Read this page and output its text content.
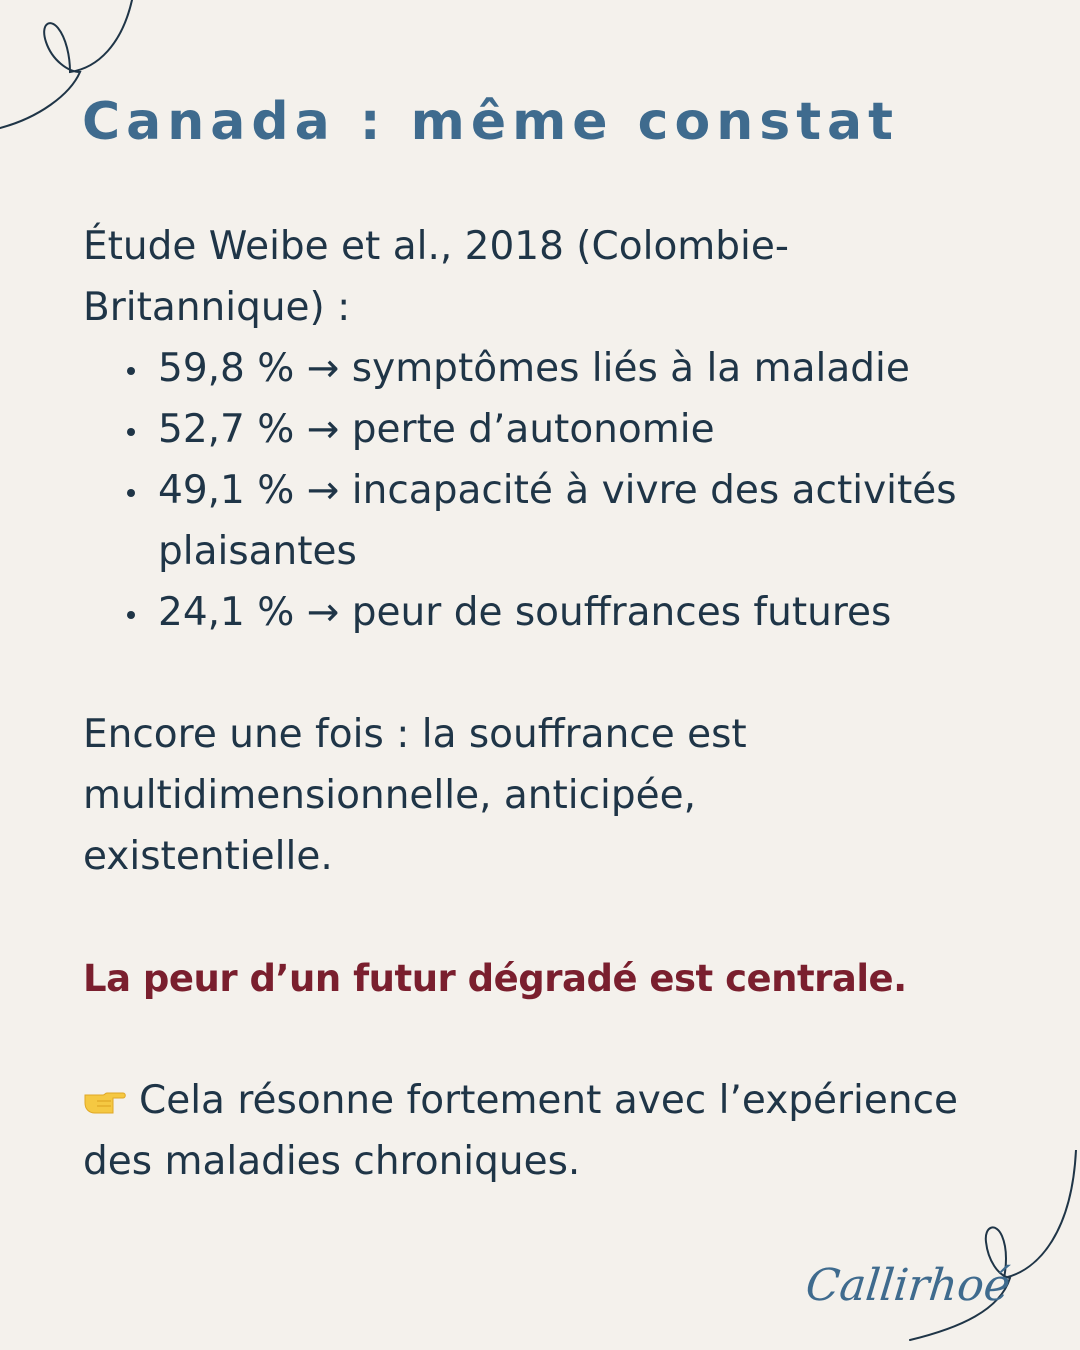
Canada : même constat

Étude Weibe et al., 2018 (Colombie-Britannique) :

59,8 % → symptômes liés à la maladie
52,7 % → perte d’autonomie
49,1 % → incapacité à vivre des activités plaisantes
24,1 % → peur de souffrances futures

Encore une fois : la souffrance est multidimensionnelle, anticipée, existentielle.

La peur d’un futur dégradé est centrale.

Cela résonne fortement avec l’expérience des maladies chroniques.

Callirhoé
